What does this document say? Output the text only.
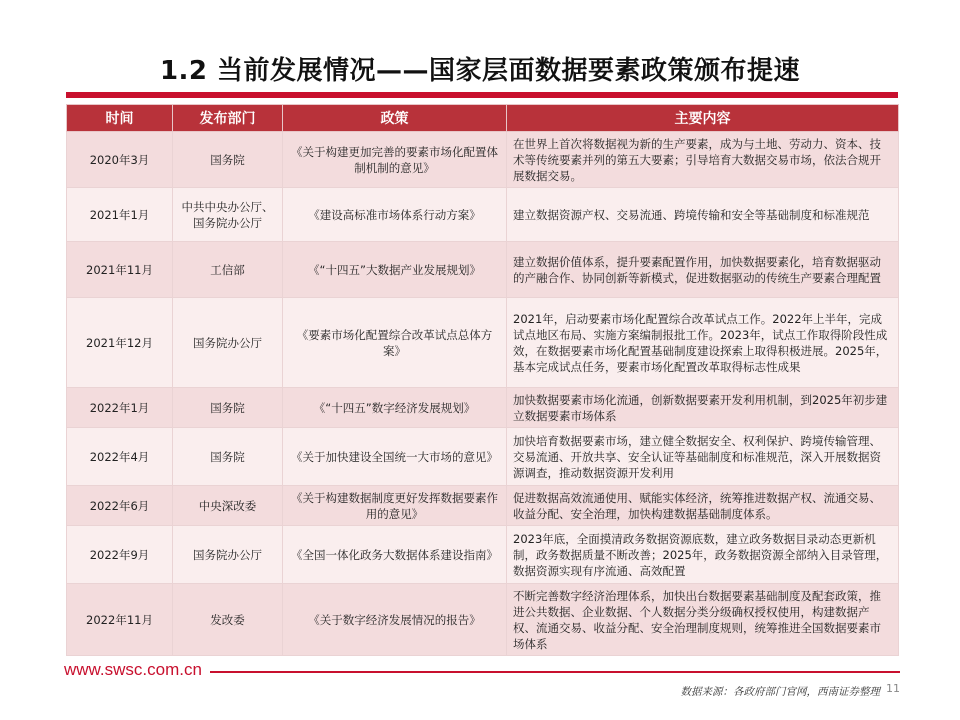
1.2 当前发展情况——国家层面数据要素政策颁布提速
时间	发布部门	政策	主要内容
2020年3月	国务院	《关于构建更加完善的要素市场化配置体制机制的意见》	在世界上首次将数据视为新的生产要素，成为与土地、劳动力、资本、技术等传统要素并列的第五大要素；引导培育大数据交易市场，依法合规开展数据交易。
2021年1月	中共中央办公厅、国务院办公厅	《建设高标准市场体系行动方案》	建立数据资源产权、交易流通、跨境传输和安全等基础制度和标准规范
2021年11月	工信部	《“十四五”大数据产业发展规划》	建立数据价值体系，提升要素配置作用，加快数据要素化，培育数据驱动的产融合作、协同创新等新模式，促进数据驱动的传统生产要素合理配置
2021年12月	国务院办公厅	《要素市场化配置综合改革试点总体方案》	2021年，启动要素市场化配置综合改革试点工作。2022年上半年，完成试点地区布局、实施方案编制报批工作。2023年，试点工作取得阶段性成效，在数据要素市场化配置基础制度建设探索上取得积极进展。2025年，基本完成试点任务，要素市场化配置改革取得标志性成果
2022年1月	国务院	《“十四五”数字经济发展规划》	加快数据要素市场化流通，创新数据要素开发利用机制，到2025年初步建立数据要素市场体系
2022年4月	国务院	《关于加快建设全国统一大市场的意见》	加快培育数据要素市场，建立健全数据安全、权利保护、跨境传输管理、交易流通、开放共享、安全认证等基础制度和标准规范，深入开展数据资源调查，推动数据资源开发利用
2022年6月	中央深改委	《关于构建数据制度更好发挥数据要素作用的意见》	促进数据高效流通使用、赋能实体经济，统筹推进数据产权、流通交易、收益分配、安全治理，加快构建数据基础制度体系。
2022年9月	国务院办公厅	《全国一体化政务大数据体系建设指南》	2023年底，全面摸清政务数据资源底数，建立政务数据目录动态更新机制，政务数据质量不断改善；2025年，政务数据资源全部纳入目录管理，数据资源实现有序流通、高效配置
2022年11月	发改委	《关于数字经济发展情况的报告》	不断完善数字经济治理体系，加快出台数据要素基础制度及配套政策，推进公共数据、企业数据、个人数据分类分级确权授权使用，构建数据产权、流通交易、收益分配、安全治理制度规则，统筹推进全国数据要素市场体系
www.swsc.com.cn
数据来源：各政府部门官网，西南证券整理 11
